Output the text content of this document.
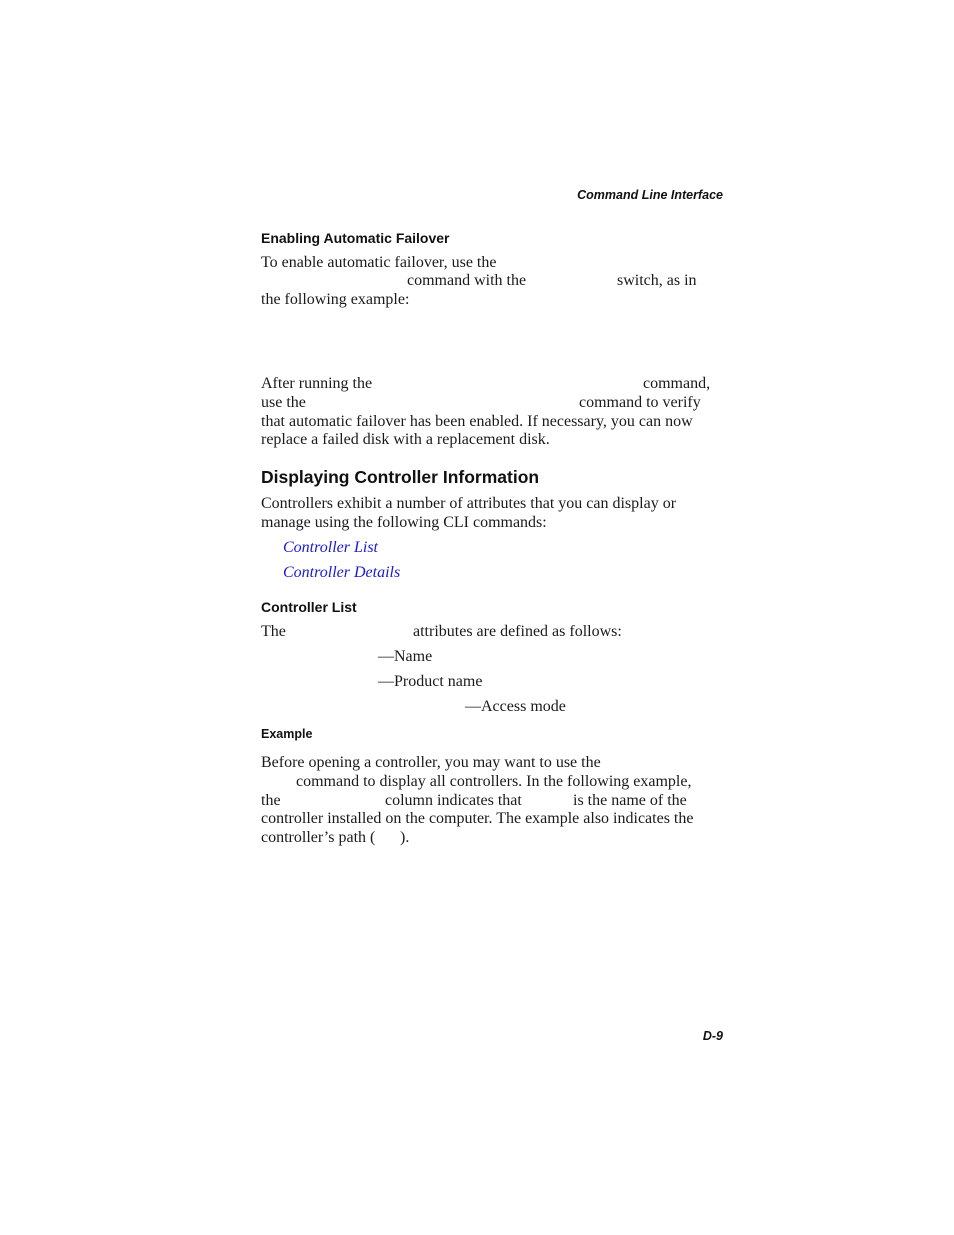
Command Line Interface
Enabling Automatic Failover
To enable automatic failover, use the
command with the	switch, as in
the following example:
After running the	command,
use the	command to verify
that automatic failover has been enabled. If necessary, you can now
replace a failed disk with a replacement disk.
Displaying Controller Information
Controllers exhibit a number of attributes that you can display or
manage using the following CLI commands:
Controller List
Controller Details
Controller List
The	attributes are defined as follows:
—Name
—Product name
—Access mode
Example
Before opening a controller, you may want to use the
command to display all controllers. In the following example,
the	column indicates that	is the name of the
controller installed on the computer. The example also indicates the
controller’s path ( ).
D-9
